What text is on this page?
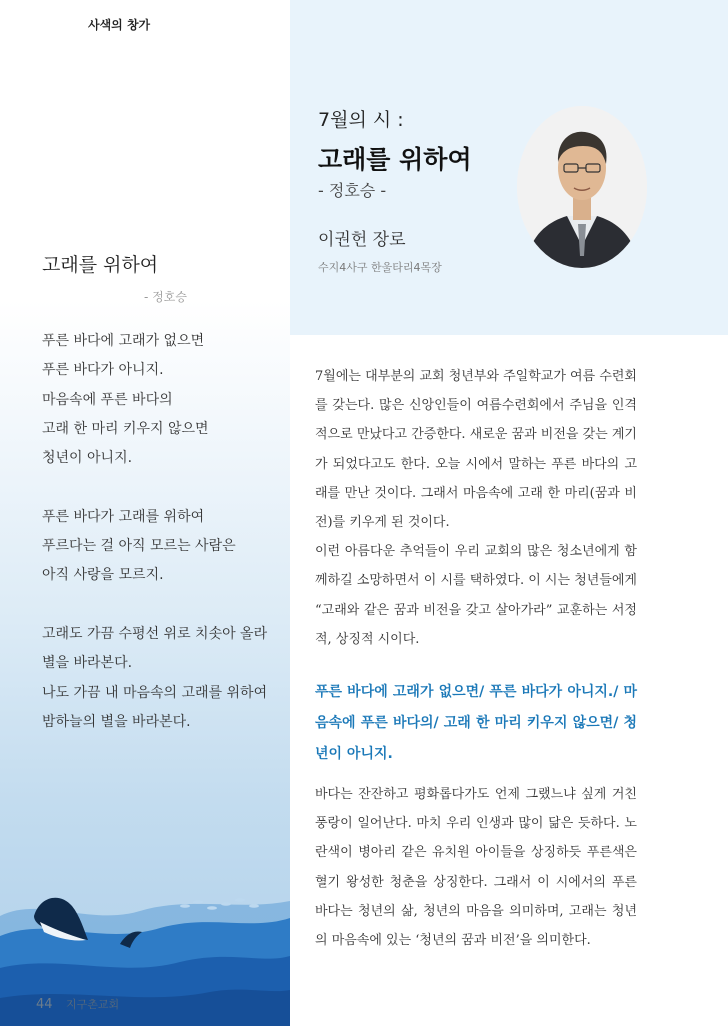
사색의 창가
고래를 위하여
- 정호승
푸른 바다에 고래가 없으면
푸른 바다가 아니지.
마음속에 푸른 바다의
고래 한 마리 키우지 않으면
청년이 아니지.
푸른 바다가 고래를 위하여
푸르다는 걸 아직 모르는 사람은
아직 사랑을 모르지.
고래도 가끔 수평선 위로 치솟아 올라
별을 바라본다.
나도 가끔 내 마음속의 고래를 위하여
밤하늘의 별을 바라본다.
44 지구촌교회
7월의 시 :
고래를 위하여
- 정호승 -
이권헌 장로
수지4사구 한울타리4목장

7월에는 대부분의 교회 청년부와 주일학교가 여름 수련회를 갖는다. 많은 신앙인들이 여름수련회에서 주님을 인격적으로 만났다고 간증한다. 새로운 꿈과 비전을 갖는 계기가 되었다고도 한다. 오늘 시에서 말하는 푸른 바다의 고래를 만난 것이다. 그래서 마음속에 고래 한 마리(꿈과 비전)를 키우게 된 것이다.

이런 아름다운 추억들이 우리 교회의 많은 청소년에게 함께하길 소망하면서 이 시를 택하였다. 이 시는 청년들에게 “고래와 같은 꿈과 비전을 갖고 살아가라” 교훈하는 서정적, 상징적 시이다.

푸른 바다에 고래가 없으면/ 푸른 바다가 아니지./ 마음속에 푸른 바다의/ 고래 한 마리 키우지 않으면/ 청년이 아니지.
바다는 잔잔하고 평화롭다가도 언제 그랬느냐 싶게 거친 풍랑이 일어난다. 마치 우리 인생과 많이 닮은 듯하다. 노란색이 병아리 같은 유치원 아이들을 상징하듯 푸른색은 혈기 왕성한 청춘을 상징한다. 그래서 이 시에서의 푸른 바다는 청년의 삶, 청년의 마음을 의미하며, 고래는 청년의 마음속에 있는 ‘청년의 꿈과 비전’을 의미한다.
